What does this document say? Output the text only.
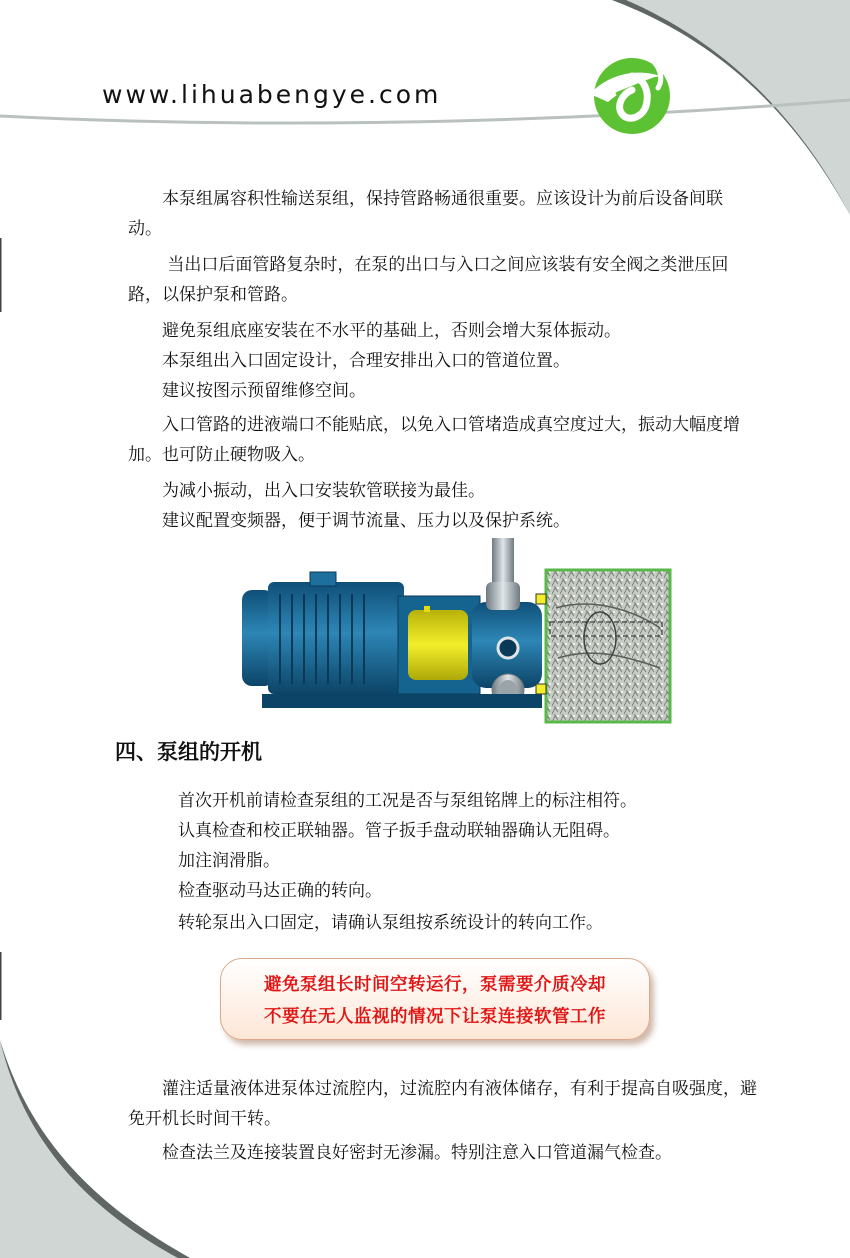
www.lihuabengye.com

　　本泵组属容积性输送泵组，保持管路畅通很重要。应该设计为前后设备间联动。

　　 当出口后面管路复杂时，在泵的出口与入口之间应该装有安全阀之类泄压回路，以保护泵和管路。

　　避免泵组底座安装在不水平的基础上，否则会增大泵体振动。

　　本泵组出入口固定设计，合理安排出入口的管道位置。

　　建议按图示预留维修空间。

　　入口管路的进液端口不能贴底，以免入口管堵造成真空度过大，振动大幅度增加。也可防止硬物吸入。

　　为减小振动，出入口安装软管联接为最佳。

　　建议配置变频器，便于调节流量、压力以及保护系统。

四、泵组的开机

首次开机前请检查泵组的工况是否与泵组铭牌上的标注相符。

认真检查和校正联轴器。管子扳手盘动联轴器确认无阻碍。

加注润滑脂。

检查驱动马达正确的转向。

转轮泵出入口固定，请确认泵组按系统设计的转向工作。

避免泵组长时间空转运行，泵需要介质冷却
不要在无人监视的情况下让泵连接软管工作

　　灌注适量液体进泵体过流腔内，过流腔内有液体储存，有利于提高自吸强度，避免开机长时间干转。

　　检查法兰及连接装置良好密封无渗漏。特别注意入口管道漏气检查。
